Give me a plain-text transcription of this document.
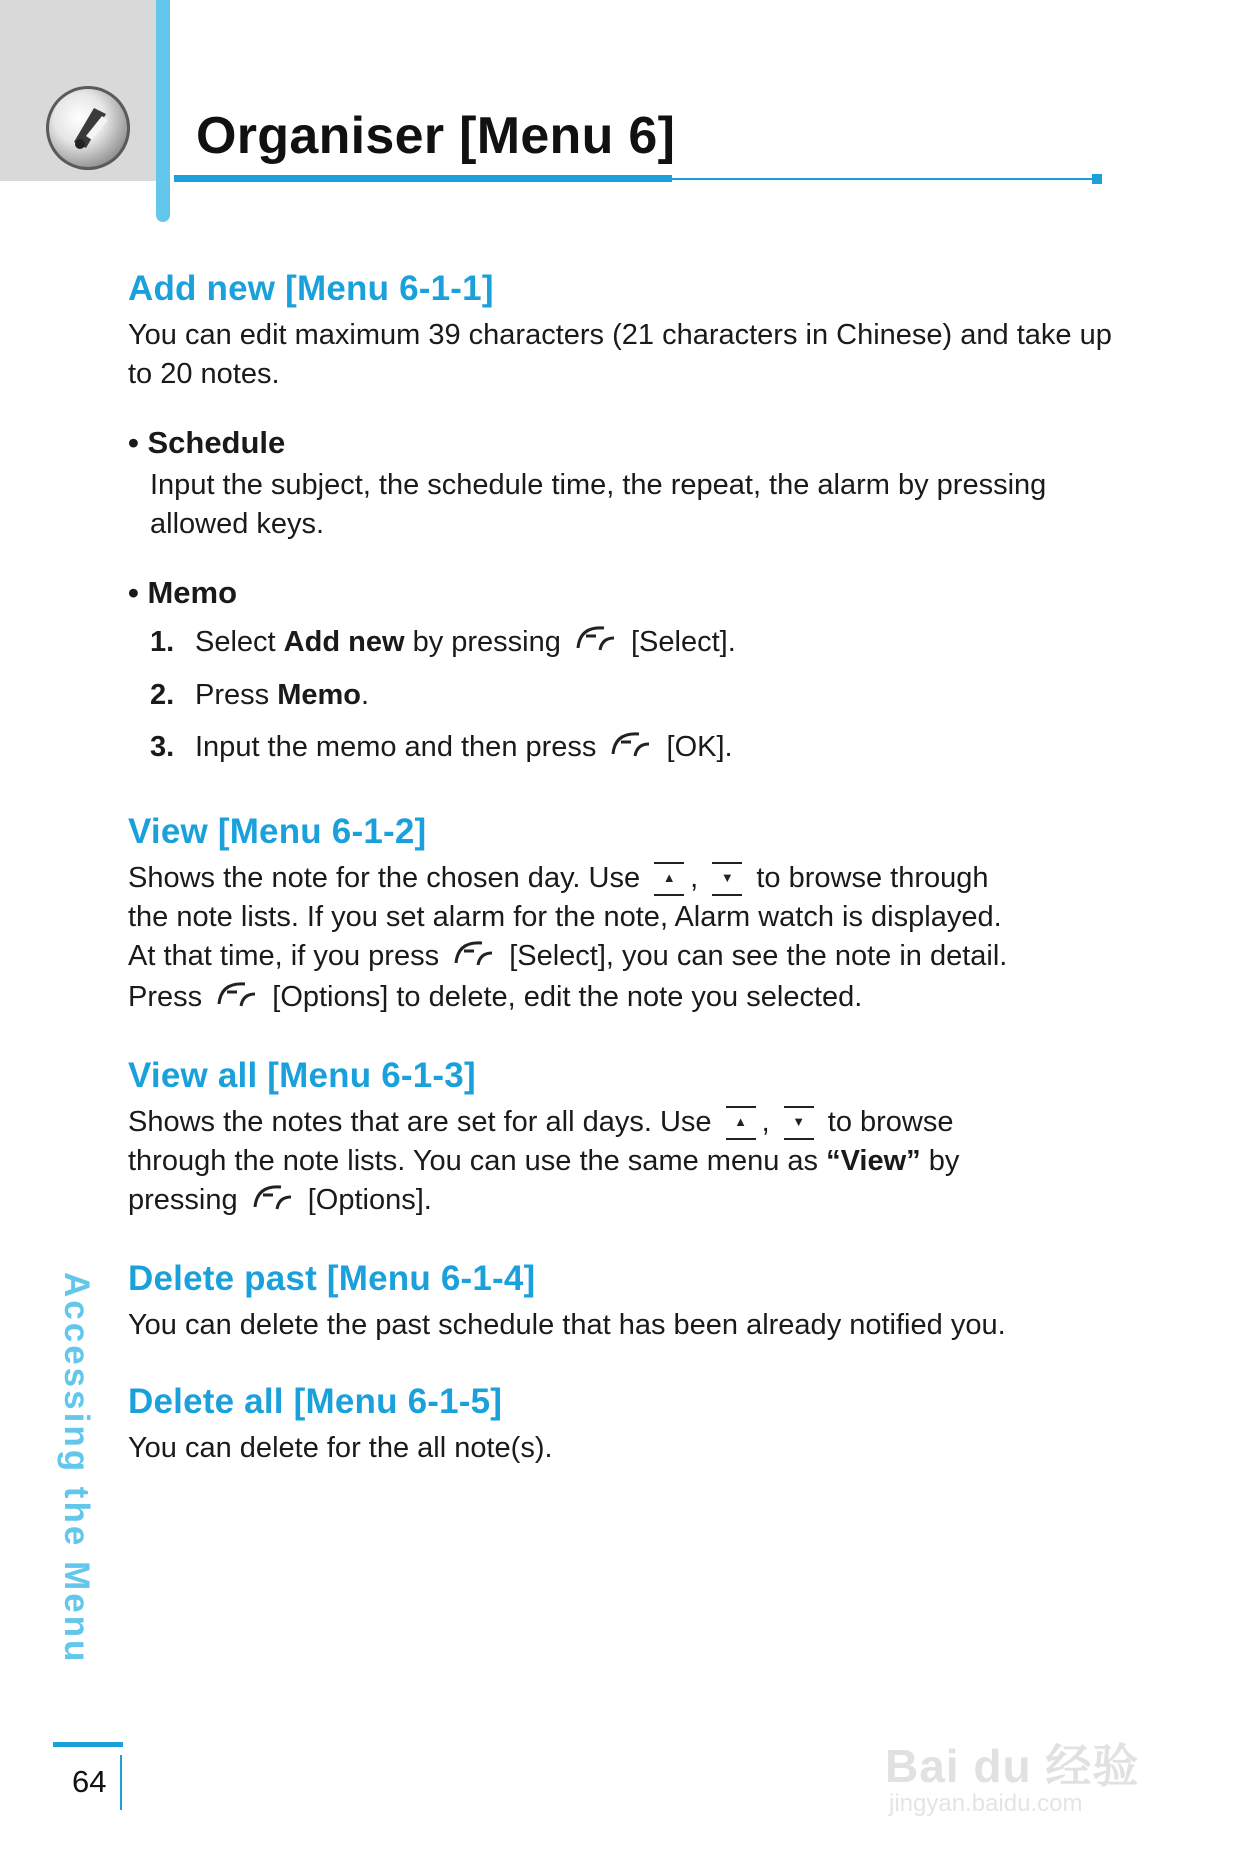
Organiser [Menu 6]
Add new [Menu 6-1-1]

You can edit maximum 39 characters (21 characters in Chinese) and take up to 20 notes.

• Schedule

Input the subject, the schedule time, the repeat, the alarm by pressing allowed keys.

• Memo
1. Select Add new by pressing  [Select].
2. Press Memo.
3. Input the memo and then press  [OK].
View [Menu 6-1-2]

Shows the note for the chosen day. Use ▲ , ▼ to browse through
the note lists. If you set alarm for the note, Alarm watch is displayed.
At that time, if you press  [Select], you can see the note in detail.
Press  [Options] to delete, edit the note you selected.

View all [Menu 6-1-3]

Shows the notes that are set for all days. Use ▲ , ▼ to browse
through the note lists. You can use the same menu as “View” by
pressing  [Options].

Delete past [Menu 6-1-4]

You can delete the past schedule that has been already notified you.

Delete all [Menu 6-1-5]

You can delete for the all note(s).

Accessing the Menu
64	Bai du 经验
jingyan.baidu.com
